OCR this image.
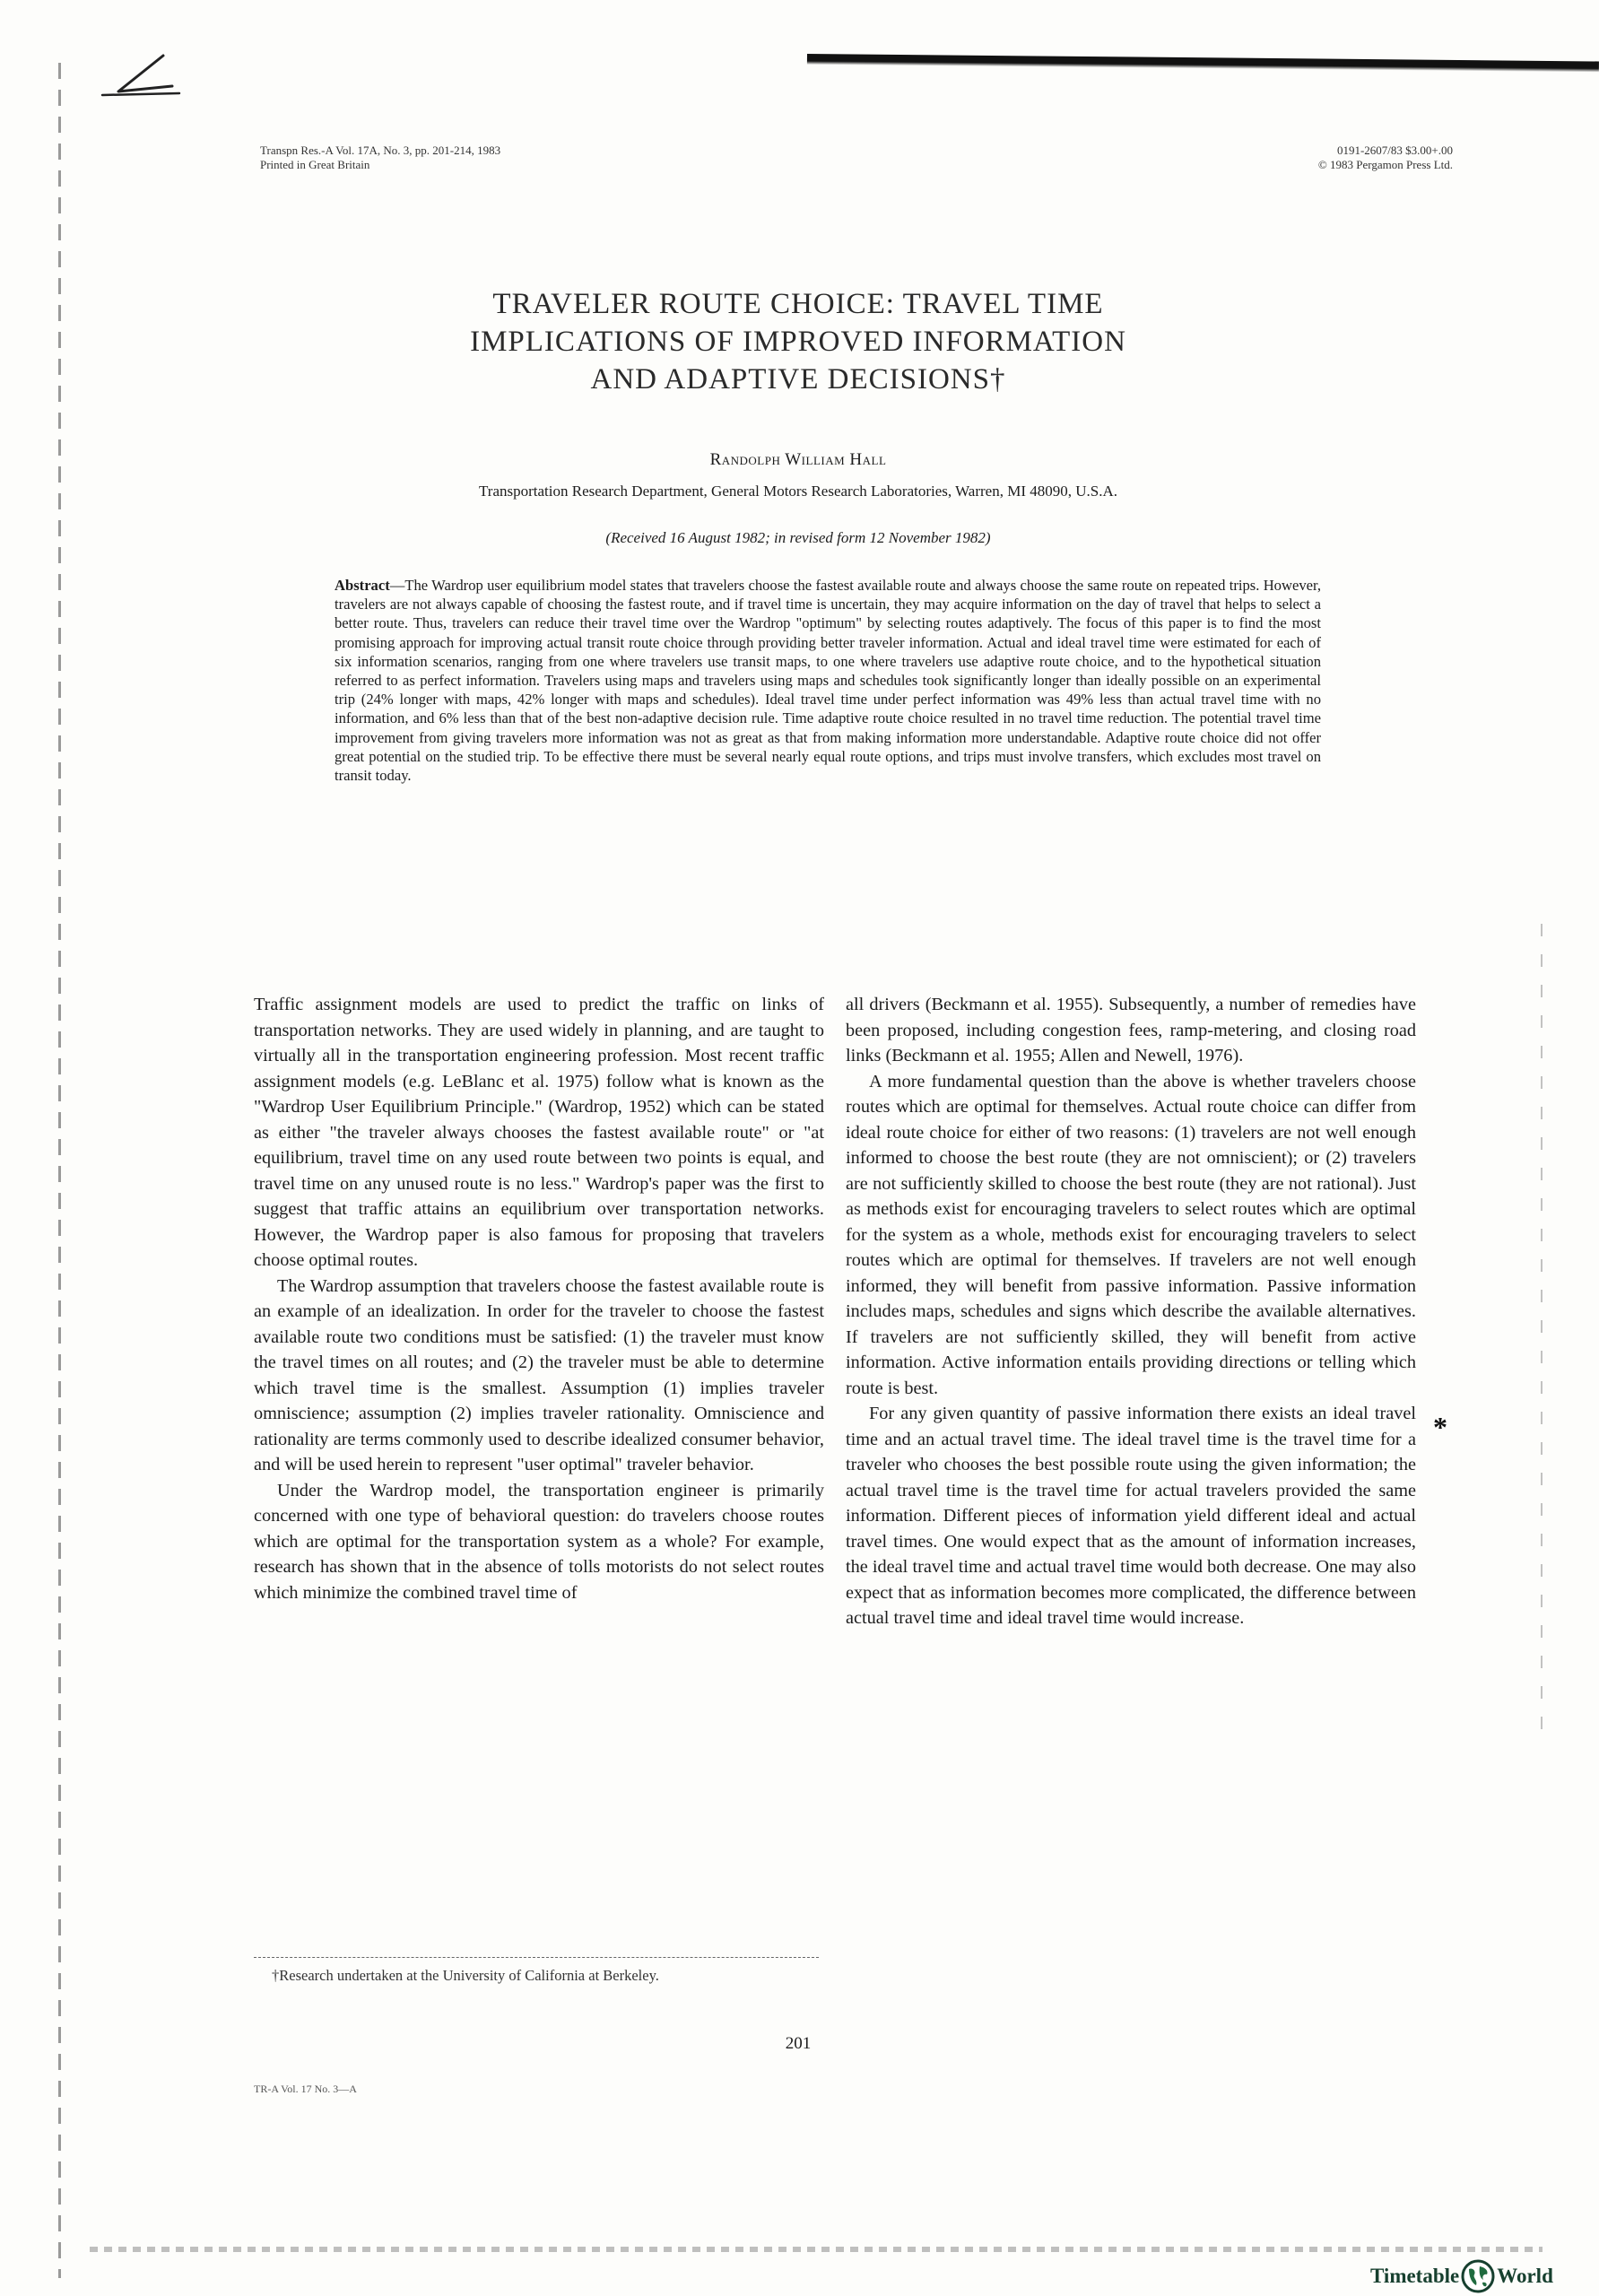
Transpn Res.-A Vol. 17A, No. 3, pp. 201-214, 1983
Printed in Great Britain
0191-2607/83 $3.00+.00
© 1983 Pergamon Press Ltd.
TRAVELER ROUTE CHOICE: TRAVEL TIME
IMPLICATIONS OF IMPROVED INFORMATION
AND ADAPTIVE DECISIONS†
Randolph William Hall
Transportation Research Department, General Motors Research Laboratories, Warren, MI 48090, U.S.A.
(Received 16 August 1982; in revised form 12 November 1982)
Abstract—The Wardrop user equilibrium model states that travelers choose the fastest available route and always choose the same route on repeated trips. However, travelers are not always capable of choosing the fastest route, and if travel time is uncertain, they may acquire information on the day of travel that helps to select a better route. Thus, travelers can reduce their travel time over the Wardrop "optimum" by selecting routes adaptively. The focus of this paper is to find the most promising approach for improving actual transit route choice through providing better traveler information. Actual and ideal travel time were estimated for each of six information scenarios, ranging from one where travelers use transit maps, to one where travelers use adaptive route choice, and to the hypothetical situation referred to as perfect information. Travelers using maps and travelers using maps and schedules took significantly longer than ideally possible on an experimental trip (24% longer with maps, 42% longer with maps and schedules). Ideal travel time under perfect information was 49% less than actual travel time with no information, and 6% less than that of the best non-adaptive decision rule. Time adaptive route choice resulted in no travel time reduction. The potential travel time improvement from giving travelers more information was not as great as that from making information more understandable. Adaptive route choice did not offer great potential on the studied trip. To be effective there must be several nearly equal route options, and trips must involve transfers, which excludes most travel on transit today.

Traffic assignment models are used to predict the traffic on links of transportation networks. They are used widely in planning, and are taught to virtually all in the transportation engineering profession. Most recent traffic assignment models (e.g. LeBlanc et al. 1975) follow what is known as the "Wardrop User Equilibrium Principle." (Wardrop, 1952) which can be stated as either "the traveler always chooses the fastest available route" or "at equilibrium, travel time on any used route between two points is equal, and travel time on any unused route is no less." Wardrop's paper was the first to suggest that traffic attains an equilibrium over transportation networks. However, the Wardrop paper is also famous for proposing that travelers choose optimal routes.

The Wardrop assumption that travelers choose the fastest available route is an example of an idealization. In order for the traveler to choose the fastest available route two conditions must be satisfied: (1) the traveler must know the travel times on all routes; and (2) the traveler must be able to determine which travel time is the smallest. Assumption (1) implies traveler omniscience; assumption (2) implies traveler rationality. Omniscience and rationality are terms commonly used to describe idealized consumer behavior, and will be used herein to represent "user optimal" traveler behavior.

Under the Wardrop model, the transportation engineer is primarily concerned with one type of behavioral question: do travelers choose routes which are optimal for the transportation system as a whole? For example, research has shown that in the absence of tolls motorists do not select routes which minimize the combined travel time of

all drivers (Beckmann et al. 1955). Subsequently, a number of remedies have been proposed, including congestion fees, ramp-metering, and closing road links (Beckmann et al. 1955; Allen and Newell, 1976).

A more fundamental question than the above is whether travelers choose routes which are optimal for themselves. Actual route choice can differ from ideal route choice for either of two reasons: (1) travelers are not well enough informed to choose the best route (they are not omniscient); or (2) travelers are not sufficiently skilled to choose the best route (they are not rational). Just as methods exist for encouraging travelers to select routes which are optimal for the system as a whole, methods exist for encouraging travelers to select routes which are optimal for themselves. If travelers are not well enough informed, they will benefit from passive information. Passive information includes maps, schedules and signs which describe the available alternatives. If travelers are not sufficiently skilled, they will benefit from active information. Active information entails providing directions or telling which route is best.

For any given quantity of passive information there exists an ideal travel time and an actual travel time. The ideal travel time is the travel time for a traveler who chooses the best possible route using the given information; the actual travel time is the travel time for actual travelers provided the same information. Different pieces of information yield different ideal and actual travel times. One would expect that as the amount of information increases, the ideal travel time and actual travel time would both decrease. One may also expect that as information becomes more complicated, the difference between actual travel time and ideal travel time would increase.

*
†Research undertaken at the University of California at Berkeley.
201
TR-A Vol. 17 No. 3—A
Timetable World
